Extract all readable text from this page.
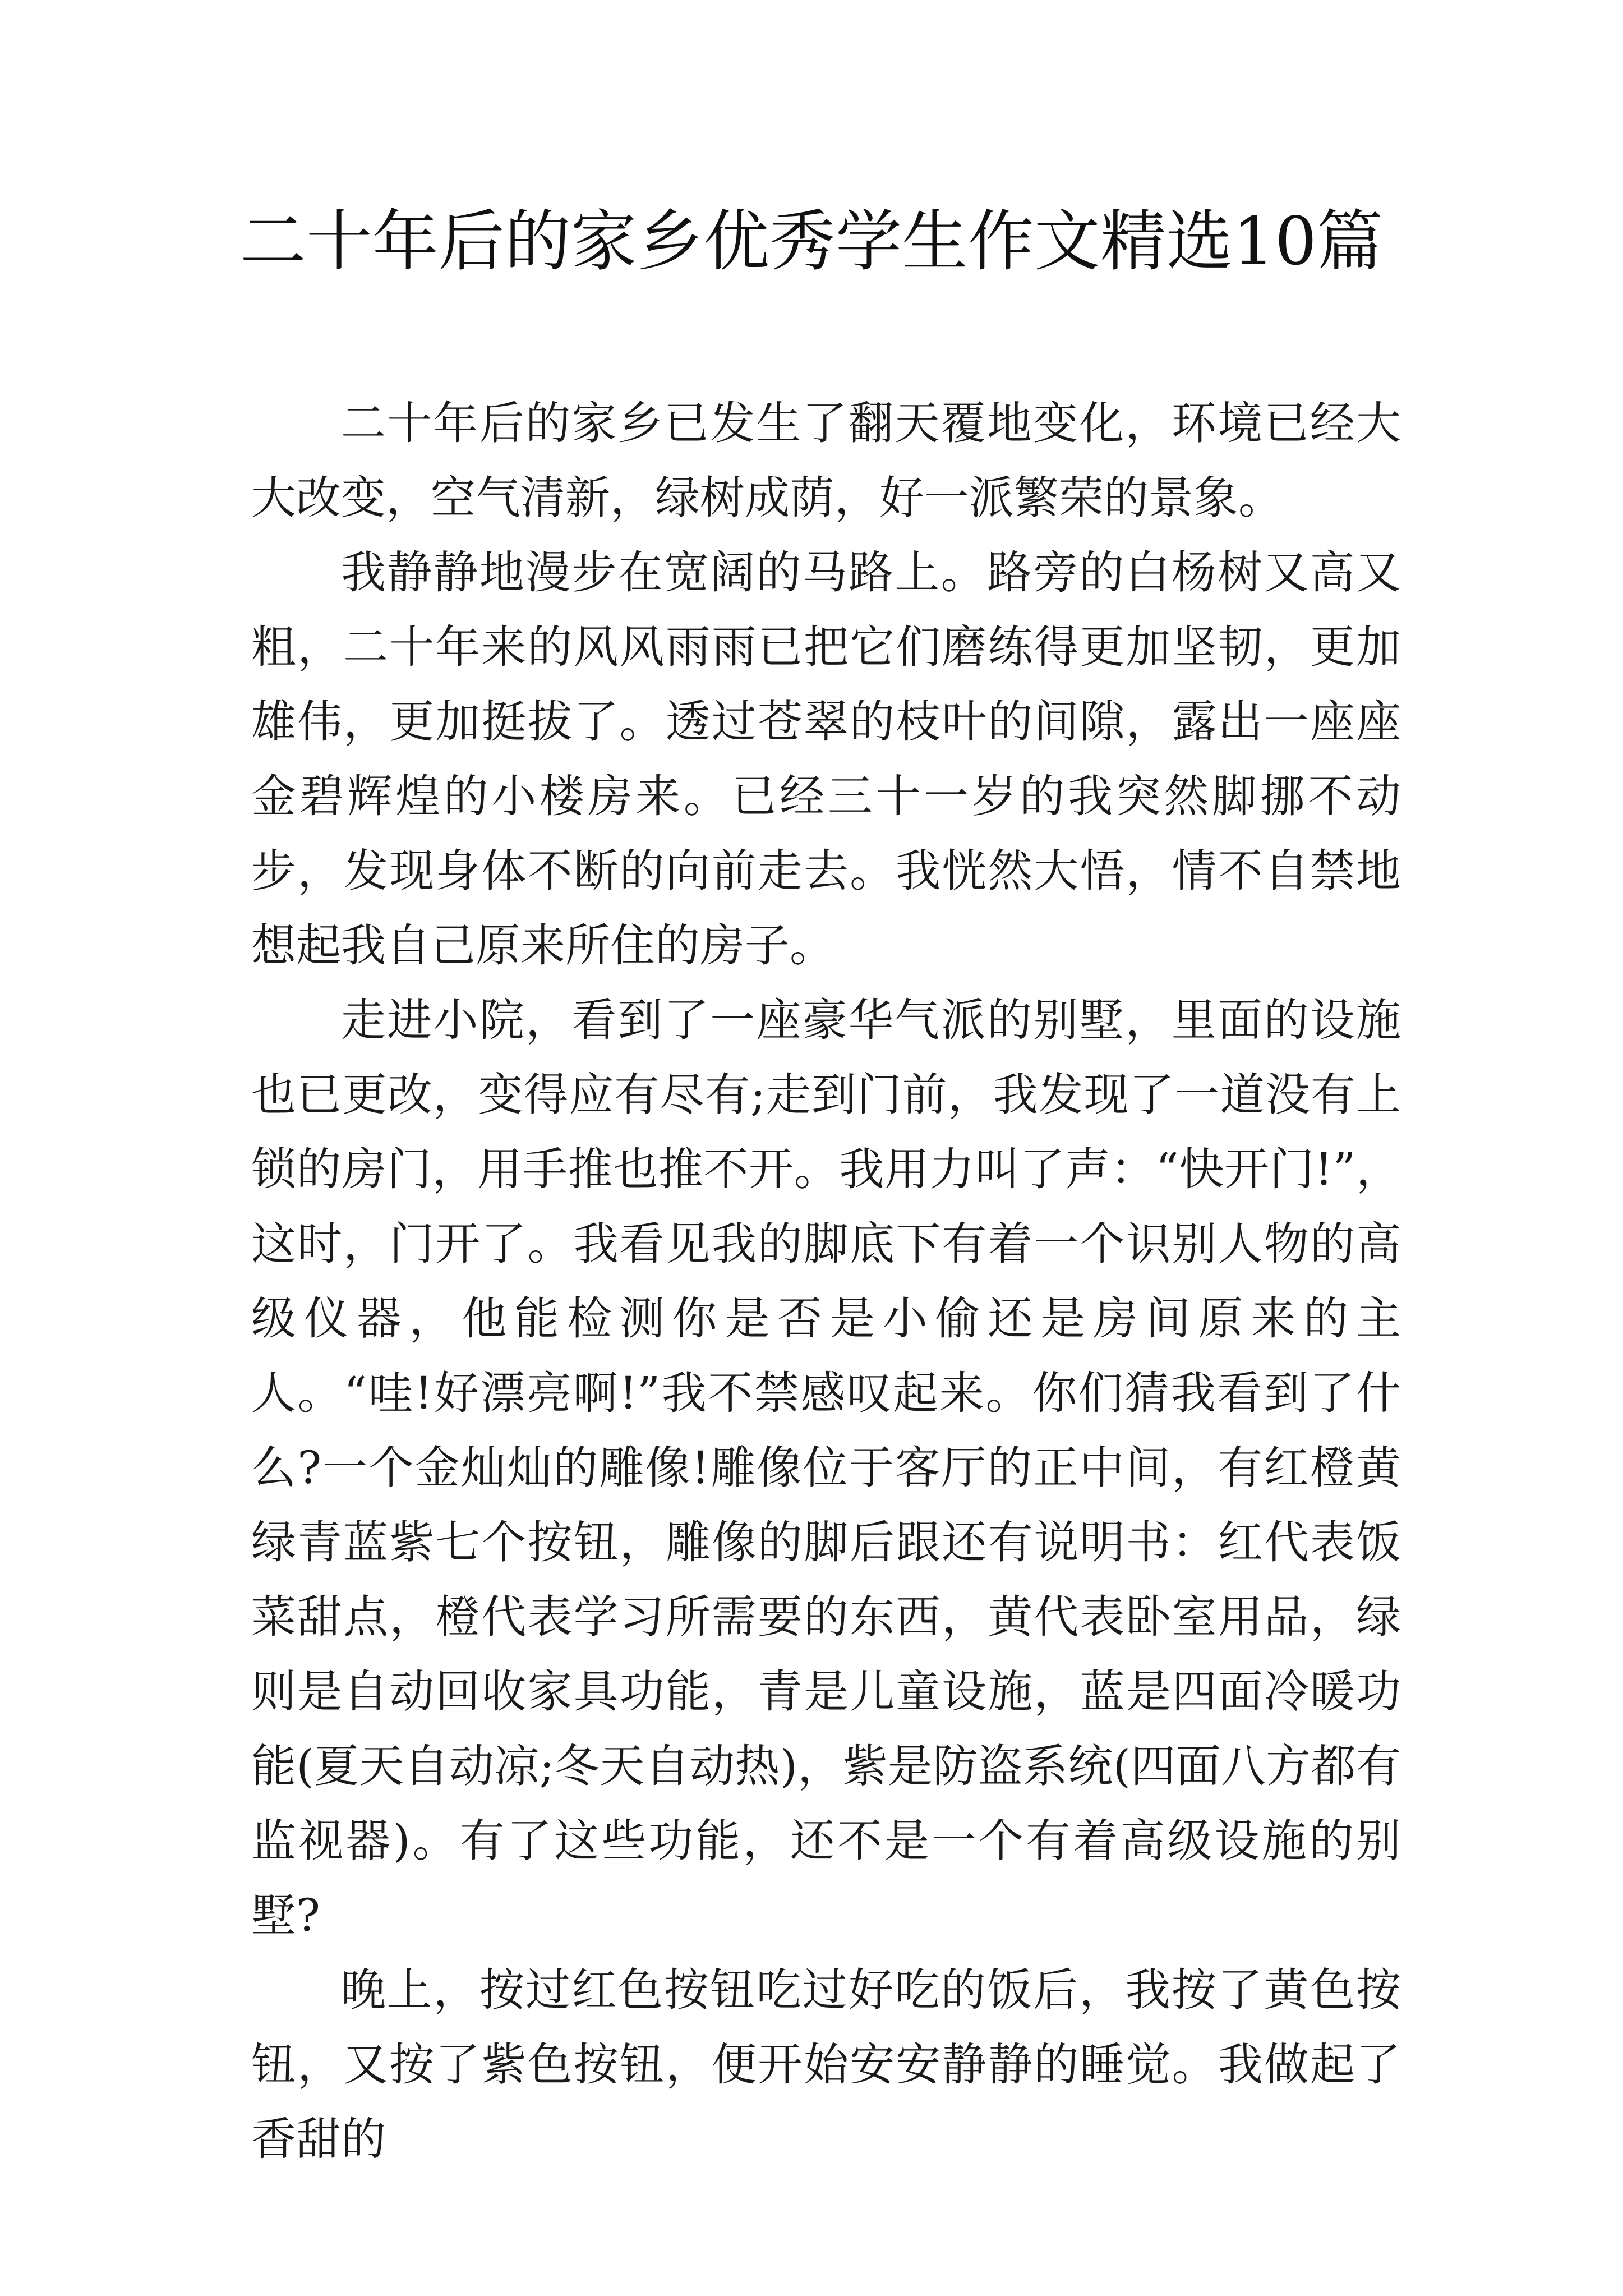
二十年后的家乡优秀学生作文精选10篇

二十年后的家乡已发生了翻天覆地变化，环境已经大大改变，空气清新，绿树成荫，好一派繁荣的景象。

我静静地漫步在宽阔的马路上。路旁的白杨树又高又粗，二十年来的风风雨雨已把它们磨练得更加坚韧，更加雄伟，更加挺拔了。透过苍翠的枝叶的间隙，露出一座座金碧辉煌的小楼房来。已经三十一岁的我突然脚挪不动步，发现身体不断的向前走去。我恍然大悟，情不自禁地想起我自己原来所住的房子。

走进小院，看到了一座豪华气派的别墅，里面的设施也已更改，变得应有尽有;走到门前，我发现了一道没有上锁的房门，用手推也推不开。我用力叫了声：“快开门!”，这时，门开了。我看见我的脚底下有着一个识别人物的高级仪器，他能检测你是否是小偷还是房间原来的主人。“哇!好漂亮啊!”我不禁感叹起来。你们猜我看到了什么?一个金灿灿的雕像!雕像位于客厅的正中间，有红橙黄绿青蓝紫七个按钮，雕像的脚后跟还有说明书：红代表饭菜甜点，橙代表学习所需要的东西，黄代表卧室用品，绿则是自动回收家具功能，青是儿童设施，蓝是四面冷暖功能(夏天自动凉;冬天自动热)，紫是防盗系统(四面八方都有监视器)。有了这些功能，还不是一个有着高级设施的别墅?

晚上，按过红色按钮吃过好吃的饭后，我按了黄色按钮，又按了紫色按钮，便开始安安静静的睡觉。我做起了香甜的
